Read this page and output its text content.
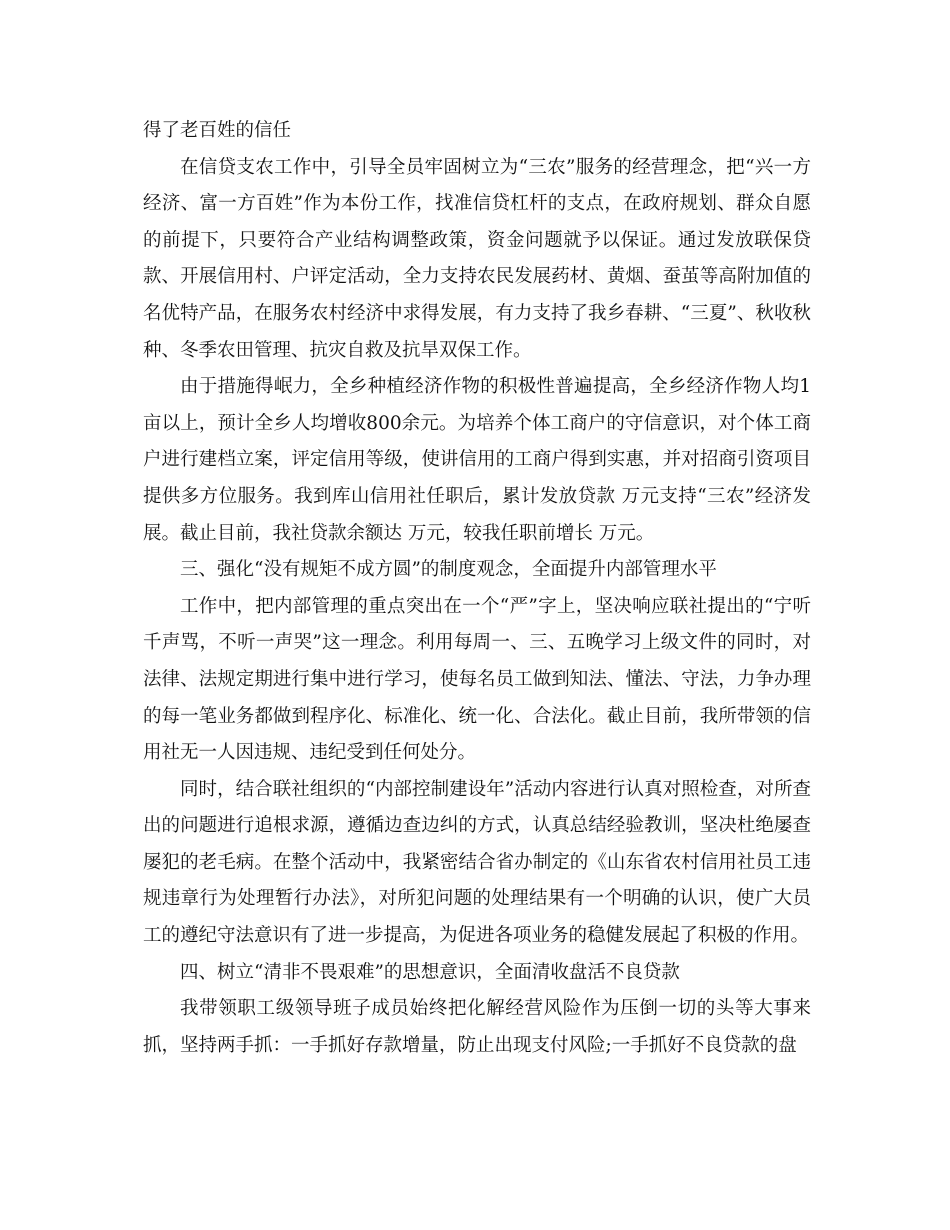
得了老百姓的信任

在信贷支农工作中，引导全员牢固树立为“三农”服务的经营理念，把“兴一方经济、富一方百姓”作为本份工作，找准信贷杠杆的支点，在政府规划、群众自愿的前提下，只要符合产业结构调整政策，资金问题就予以保证。通过发放联保贷款、开展信用村、户评定活动，全力支持农民发展药材、黄烟、蚕茧等高附加值的名优特产品，在服务农村经济中求得发展，有力支持了我乡春耕、“三夏”、秋收秋种、冬季农田管理、抗灾自救及抗旱双保工作。

由于措施得岷力，全乡种植经济作物的积极性普遍提高，全乡经济作物人均1亩以上，预计全乡人均增收800余元。为培养个体工商户的守信意识，对个体工商户进行建档立案，评定信用等级，使讲信用的工商户得到实惠，并对招商引资项目提供多方位服务。我到库山信用社任职后，累计发放贷款 万元支持“三农”经济发展。截止目前，我社贷款余额达 万元，较我任职前增长 万元。

三、强化“没有规矩不成方圆”的制度观念，全面提升内部管理水平

工作中，把内部管理的重点突出在一个“严”字上，坚决响应联社提出的“宁听千声骂，不听一声哭”这一理念。利用每周一、三、五晚学习上级文件的同时，对法律、法规定期进行集中进行学习，使每名员工做到知法、懂法、守法，力争办理的每一笔业务都做到程序化、标准化、统一化、合法化。截止目前，我所带领的信用社无一人因违规、违纪受到任何处分。

同时，结合联社组织的“内部控制建设年”活动内容进行认真对照检查，对所查出的问题进行追根求源，遵循边查边纠的方式，认真总结经验教训，坚决杜绝屡查屡犯的老毛病。在整个活动中，我紧密结合省办制定的《山东省农村信用社员工违规违章行为处理暂行办法》，对所犯问题的处理结果有一个明确的认识，使广大员工的遵纪守法意识有了进一步提高，为促进各项业务的稳健发展起了积极的作用。

四、树立“清非不畏艰难”的思想意识，全面清收盘活不良贷款

我带领职工级领导班子成员始终把化解经营风险作为压倒一切的头等大事来抓，坚持两手抓：一手抓好存款增量，防止出现支付风险;一手抓好不良贷款的盘
